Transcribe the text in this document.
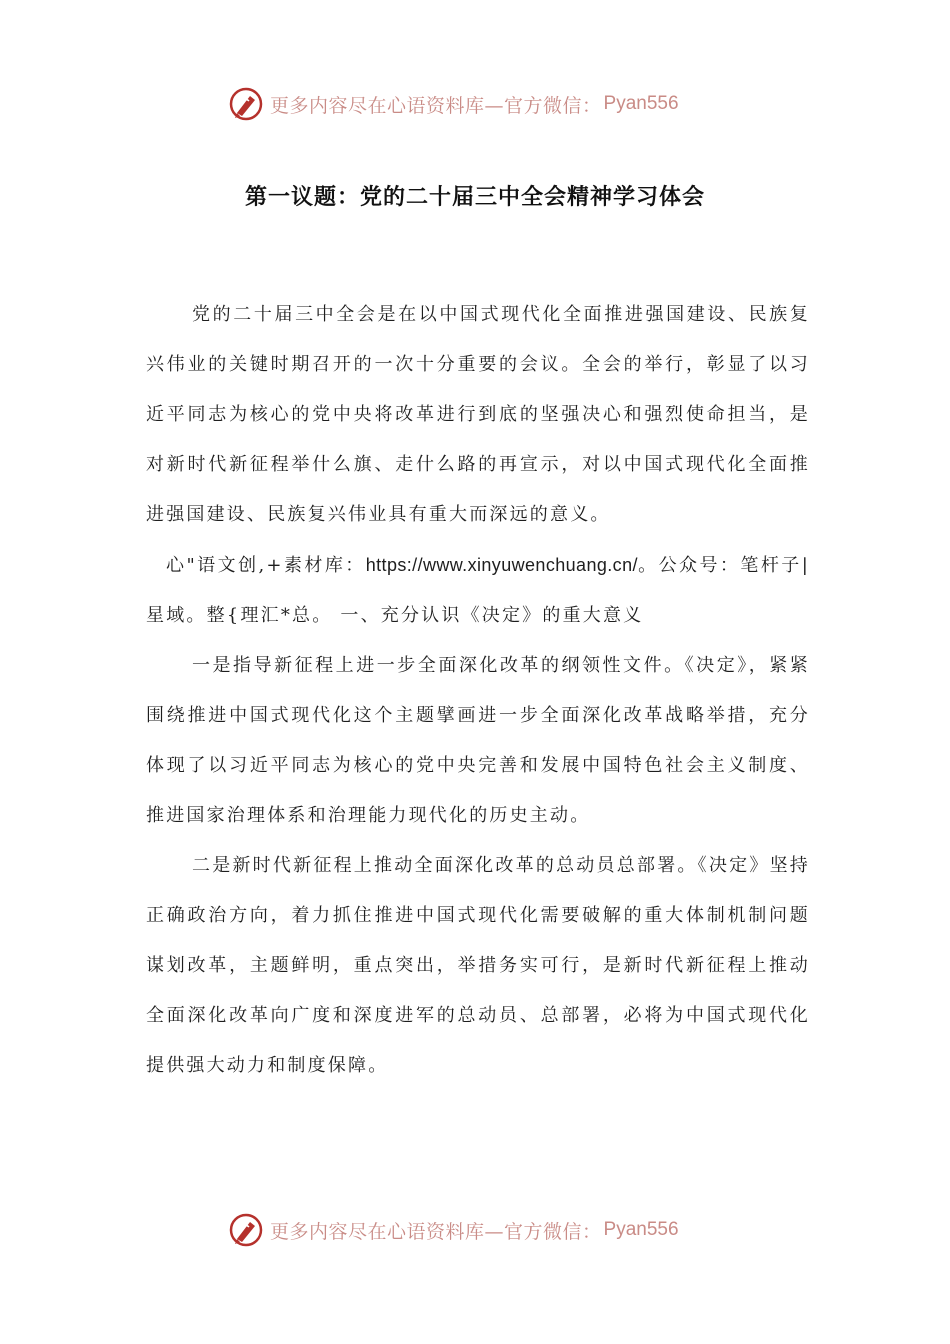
更多内容尽在心语资料库—官方微信： Pyan556
第一议题：党的二十届三中全会精神学习体会

党的二十届三中全会是在以中国式现代化全面推进强国建设、民族复兴伟业的关键时期召开的一次十分重要的会议。全会的举行，彰显了以习近平同志为核心的党中央将改革进行到底的坚强决心和强烈使命担当，是对新时代新征程举什么旗、走什么路的再宣示，对以中国式现代化全面推进强国建设、民族复兴伟业具有重大而深远的意义。

心"语文创,+素材库：https://www.xinyuwenchuang.cn/。公众号：笔杆子|星域。整{理汇*总。 一、充分认识《决定》的重大意义

一是指导新征程上进一步全面深化改革的纲领性文件。《决定》，紧紧围绕推进中国式现代化这个主题擘画进一步全面深化改革战略举措，充分体现了以习近平同志为核心的党中央完善和发展中国特色社会主义制度、推进国家治理体系和治理能力现代化的历史主动。

二是新时代新征程上推动全面深化改革的总动员总部署。《决定》坚持正确政治方向，着力抓住推进中国式现代化需要破解的重大体制机制问题谋划改革，主题鲜明，重点突出，举措务实可行，是新时代新征程上推动全面深化改革向广度和深度进军的总动员、总部署，必将为中国式现代化提供强大动力和制度保障。

更多内容尽在心语资料库—官方微信： Pyan556
